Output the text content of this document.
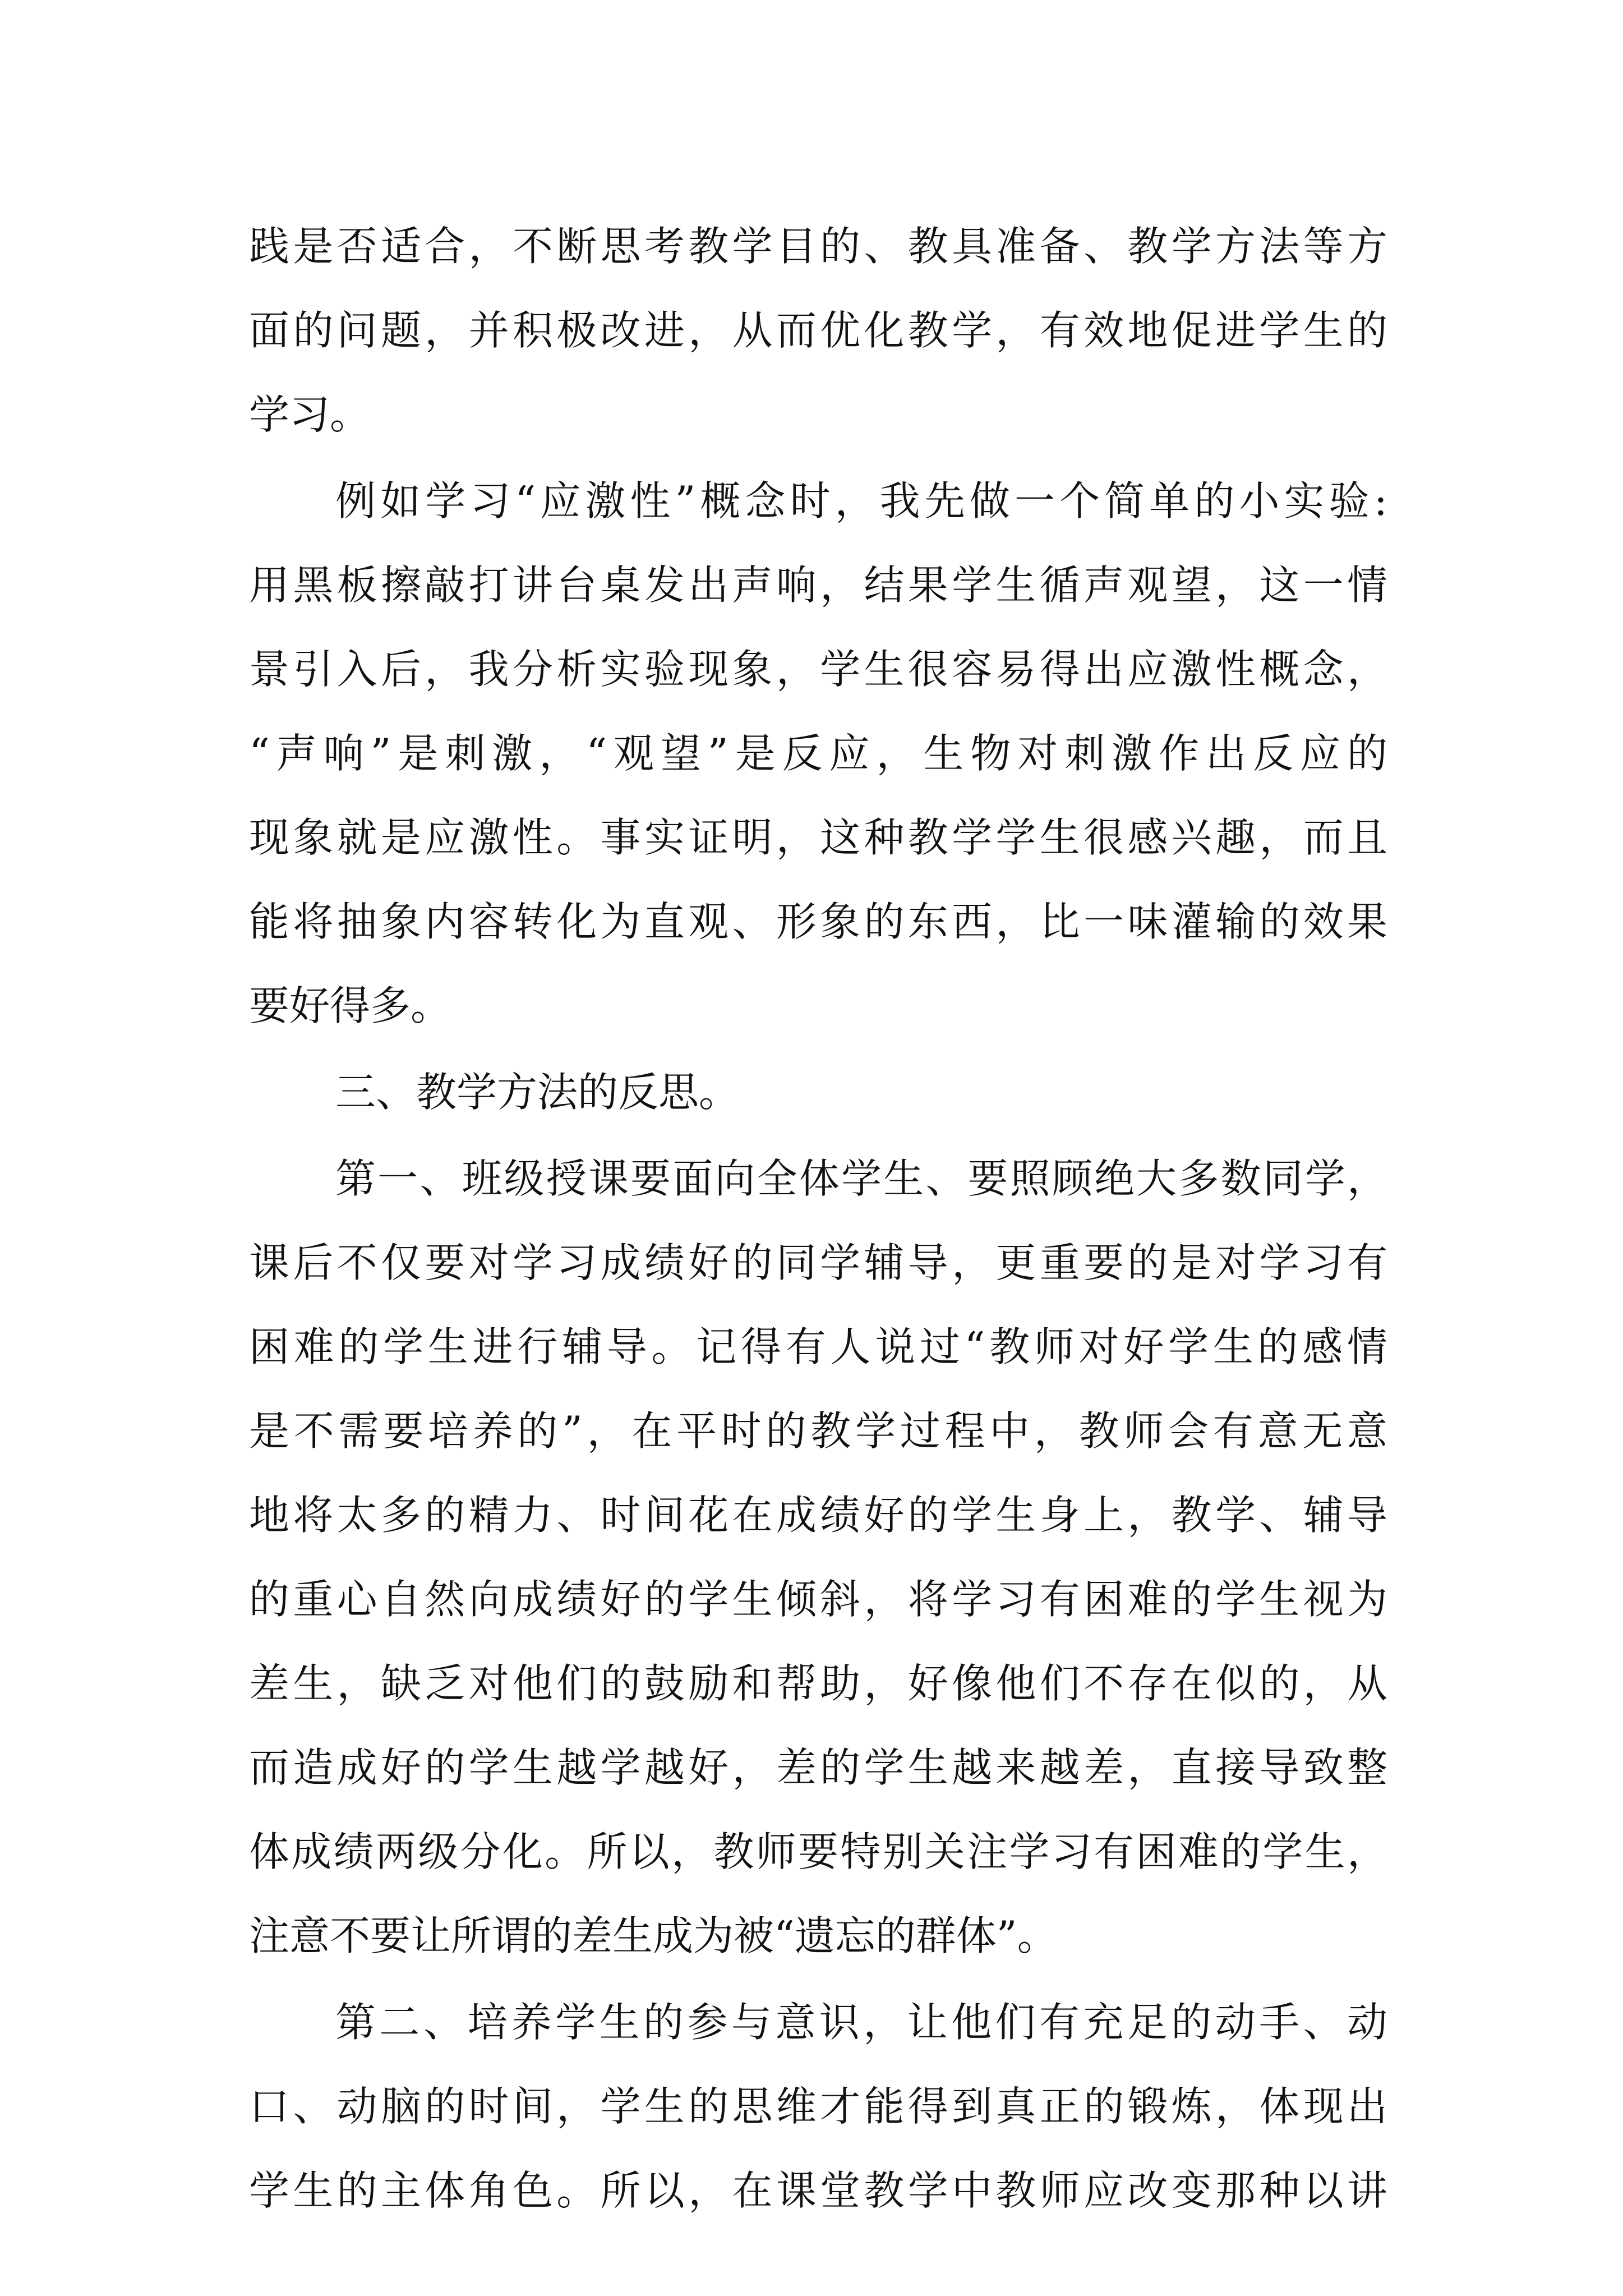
践是否适合，不断思考教学目的、教具准备、教学方法等方
面的问题，并积极改进，从而优化教学，有效地促进学生的
学习。
例如学习“应激性”概念时，我先做一个简单的小实验:
用黑板擦敲打讲台桌发出声响，结果学生循声观望，这一情
景引入后，我分析实验现象，学生很容易得出应激性概念，
“声响”是刺激，“观望”是反应，生物对刺激作出反应的
现象就是应激性。事实证明，这种教学学生很感兴趣，而且
能将抽象内容转化为直观、形象的东西，比一味灌输的效果
要好得多。
三、教学方法的反思。
第一、班级授课要面向全体学生、要照顾绝大多数同学，
课后不仅要对学习成绩好的同学辅导，更重要的是对学习有
困难的学生进行辅导。记得有人说过“教师对好学生的感情
是不需要培养的”，在平时的教学过程中，教师会有意无意
地将太多的精力、时间花在成绩好的学生身上，教学、辅导
的重心自然向成绩好的学生倾斜，将学习有困难的学生视为
差生，缺乏对他们的鼓励和帮助，好像他们不存在似的，从
而造成好的学生越学越好，差的学生越来越差，直接导致整
体成绩两级分化。所以，教师要特别关注学习有困难的学生，
注意不要让所谓的差生成为被“遗忘的群体”。
第二、培养学生的参与意识，让他们有充足的动手、动
口、动脑的时间，学生的思维才能得到真正的锻炼，体现出
学生的主体角色。所以，在课堂教学中教师应改变那种以讲
